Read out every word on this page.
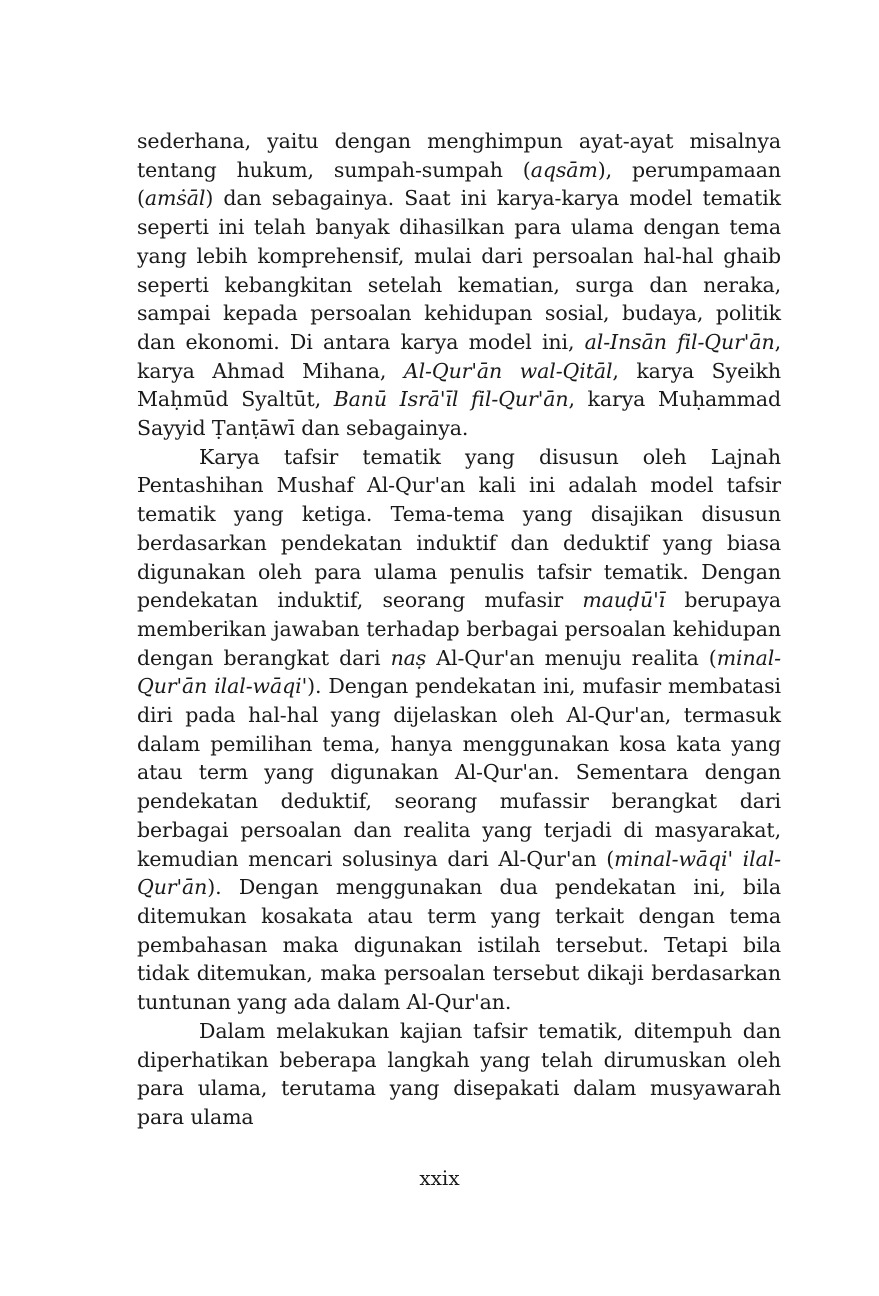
sederhana, yaitu dengan menghimpun ayat-ayat misalnya tentang hukum, sumpah-sumpah (aqsām), perumpamaan (amṡāl) dan sebagainya. Saat ini karya-karya model tematik seperti ini telah banyak dihasilkan para ulama dengan tema yang lebih komprehensif, mulai dari persoalan hal-hal ghaib seperti kebangkitan setelah kematian, surga dan neraka, sampai kepada persoalan kehidupan sosial, budaya, politik dan ekonomi. Di antara karya model ini, al-Insān fil-Qur'ān, karya Ahmad Mihana, Al-Qur'ān wal-Qitāl, karya Syeikh Maḥmūd Syaltūt, Banū Isrā'īl fil-Qur'ān, karya Muḥammad Sayyid Ṭanṭāwī dan sebagainya.

Karya tafsir tematik yang disusun oleh Lajnah Pentashihan Mushaf Al-Qur'an kali ini adalah model tafsir tematik yang ketiga. Tema-tema yang disajikan disusun berdasarkan pendekatan induktif dan deduktif yang biasa digunakan oleh para ulama penulis tafsir tematik. Dengan pendekatan induktif, seorang mufasir mauḍū'ī berupaya memberikan jawaban terhadap berbagai persoalan kehidupan dengan berangkat dari naṣ Al-Qur'an menuju realita (minal-Qur'ān ilal-wāqi'). Dengan pendekatan ini, mufasir membatasi diri pada hal-hal yang dijelaskan oleh Al-Qur'an, termasuk dalam pemilihan tema, hanya menggunakan kosa kata yang atau term yang digunakan Al-Qur'an. Sementara dengan pendekatan deduktif, seorang mufassir berangkat dari berbagai persoalan dan realita yang terjadi di masyarakat, kemudian mencari solusinya dari Al-Qur'an (minal-wāqi' ilal-Qur'ān). Dengan menggunakan dua pendekatan ini, bila ditemukan kosakata atau term yang terkait dengan tema pembahasan maka digunakan istilah tersebut. Tetapi bila tidak ditemukan, maka persoalan tersebut dikaji berdasarkan tuntunan yang ada dalam Al-Qur'an.

Dalam melakukan kajian tafsir tematik, ditempuh dan diperhatikan beberapa langkah yang telah dirumuskan oleh para ulama, terutama yang disepakati dalam musyawarah para ulama

xxix
